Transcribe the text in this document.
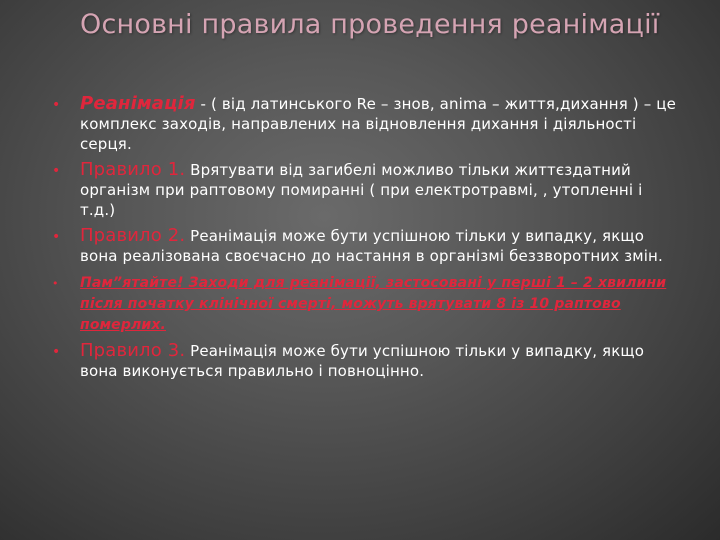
Основні правила проведення реанімації
• Реанімація - ( від латинського Re – знов, anima – життя,дихання ) – це комплекс заходів, направлених на відновлення дихання і діяльності серця.
• Правило 1. Врятувати від загибелі можливо тільки життєздатний організм при раптовому помиранні ( при електротравмі, , утопленні і т.д.)
• Правило 2. Реанімація може бути успішною тільки у випадку, якщо вона реалізована своєчасно до настання в організмі беззворотних змін.
• Пам”ятайте! Заходи для реанімації, застосовані у перші 1 – 2 хвилини після початку клінічної смерті, можуть врятувати 8 із 10 раптово померлих.
• Правило 3. Реанімація може бути успішною тільки у випадку, якщо вона виконується правильно і повноцінно.
